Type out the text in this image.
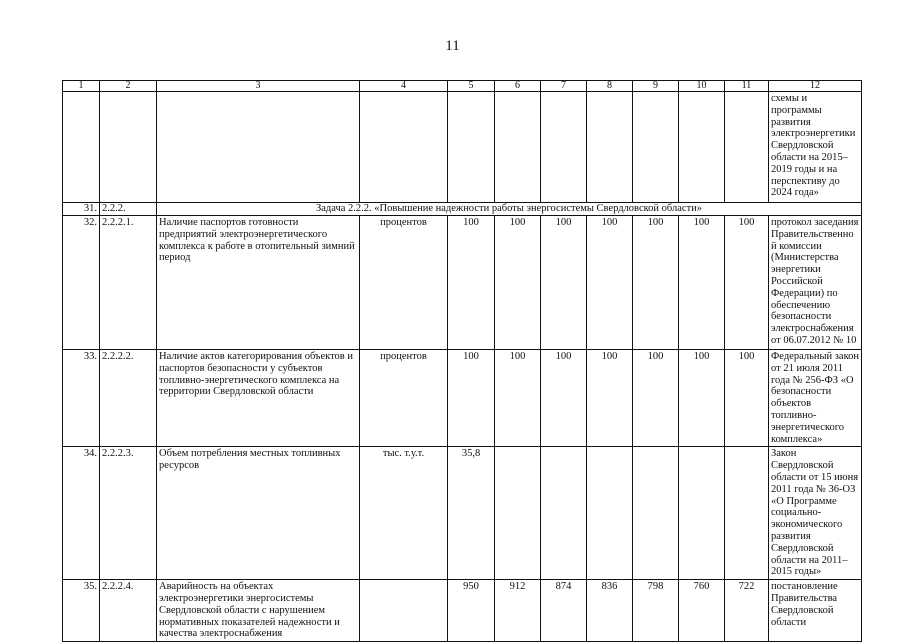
11
1	2	3	4	5	6	7	8	9	10	11	12
											схемы и программы развития электроэнергетики Свердловской области на 2015–2019 годы и на перспективу до 2024 года»
31.	2.2.2.	Задача 2.2.2. «Повышение надежности работы энергосистемы Свердловской области»									
32.	2.2.2.1.	Наличие паспортов готовности предприятий электроэнергетического комплекса к работе в отопительный зимний период	процентов	100	100	100	100	100	100	100	протокол заседания Правительственной комиссии (Министерства энергетики Российской Федерации) по обеспечению безопасности электроснабжения от 06.07.2012 № 10
33.	2.2.2.2.	Наличие актов категорирования объектов и паспортов безопасности у субъектов топливно-энергетического комплекса на территории Свердловской области	процентов	100	100	100	100	100	100	100	Федеральный закон от 21 июля 2011 года № 256-ФЗ «О безопасности объектов топливно-энергетического комплекса»
34.	2.2.2.3.	Объем потребления местных топливных ресурсов	тыс. т.у.т.	35,8							Закон Свердловской области от 15 июня 2011 года № 36-ОЗ «О Программе социально-экономического развития Свердловской области на 2011–2015 годы»
35.	2.2.2.4.	Аварийность на объектах электроэнергетики энергосистемы Свердловской области с нарушением нормативных показателей надежности и качества электроснабжения		950	912	874	836	798	760	722	постановление Правительства Свердловской области
